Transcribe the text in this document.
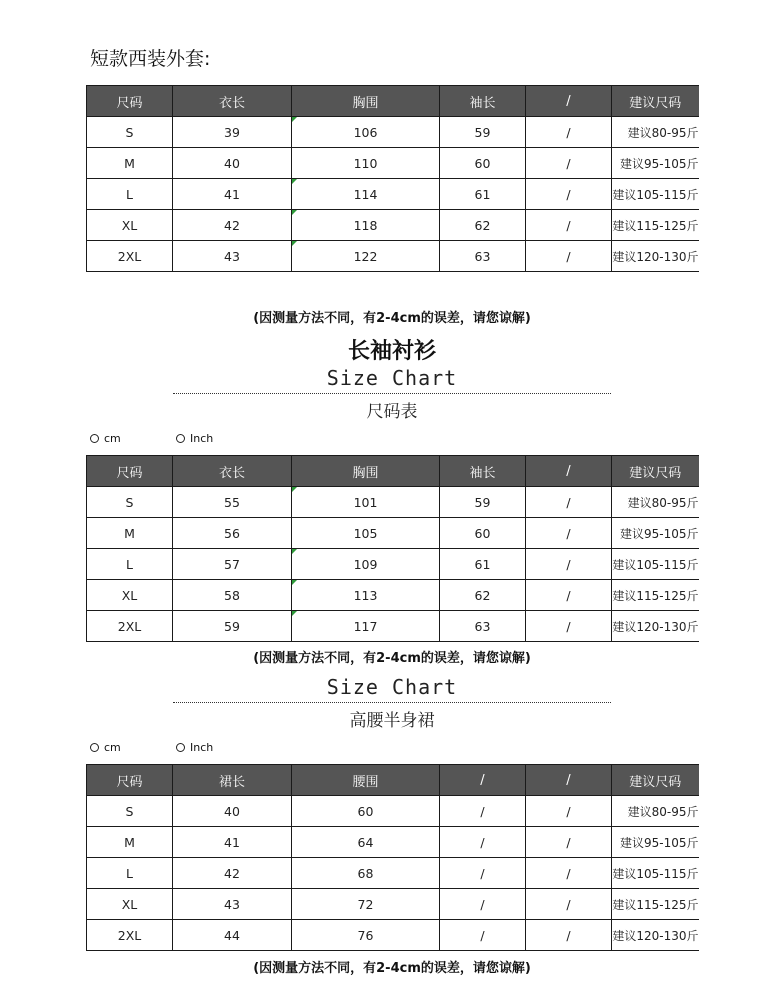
短款西装外套:
尺码	衣长	胸围	袖长	/	建议尺码
S	39	106	59	/	建议80-95斤
M	40	110	60	/	建议95-105斤
L	41	114	61	/	建议105-115斤
XL	42	118	62	/	建议115-125斤
2XL	43	122	63	/	建议120-130斤
(因测量方法不同，有2-4cm的误差，请您谅解)
长袖衬衫
Size Chart
尺码表
cm	Inch
尺码	衣长	胸围	袖长	/	建议尺码
S	55	101	59	/	建议80-95斤
M	56	105	60	/	建议95-105斤
L	57	109	61	/	建议105-115斤
XL	58	113	62	/	建议115-125斤
2XL	59	117	63	/	建议120-130斤
(因测量方法不同，有2-4cm的误差，请您谅解)
Size Chart
高腰半身裙
cm	Inch
尺码	裙长	腰围	/	/	建议尺码
S	40	60	/	/	建议80-95斤
M	41	64	/	/	建议95-105斤
L	42	68	/	/	建议105-115斤
XL	43	72	/	/	建议115-125斤
2XL	44	76	/	/	建议120-130斤
(因测量方法不同，有2-4cm的误差，请您谅解)
